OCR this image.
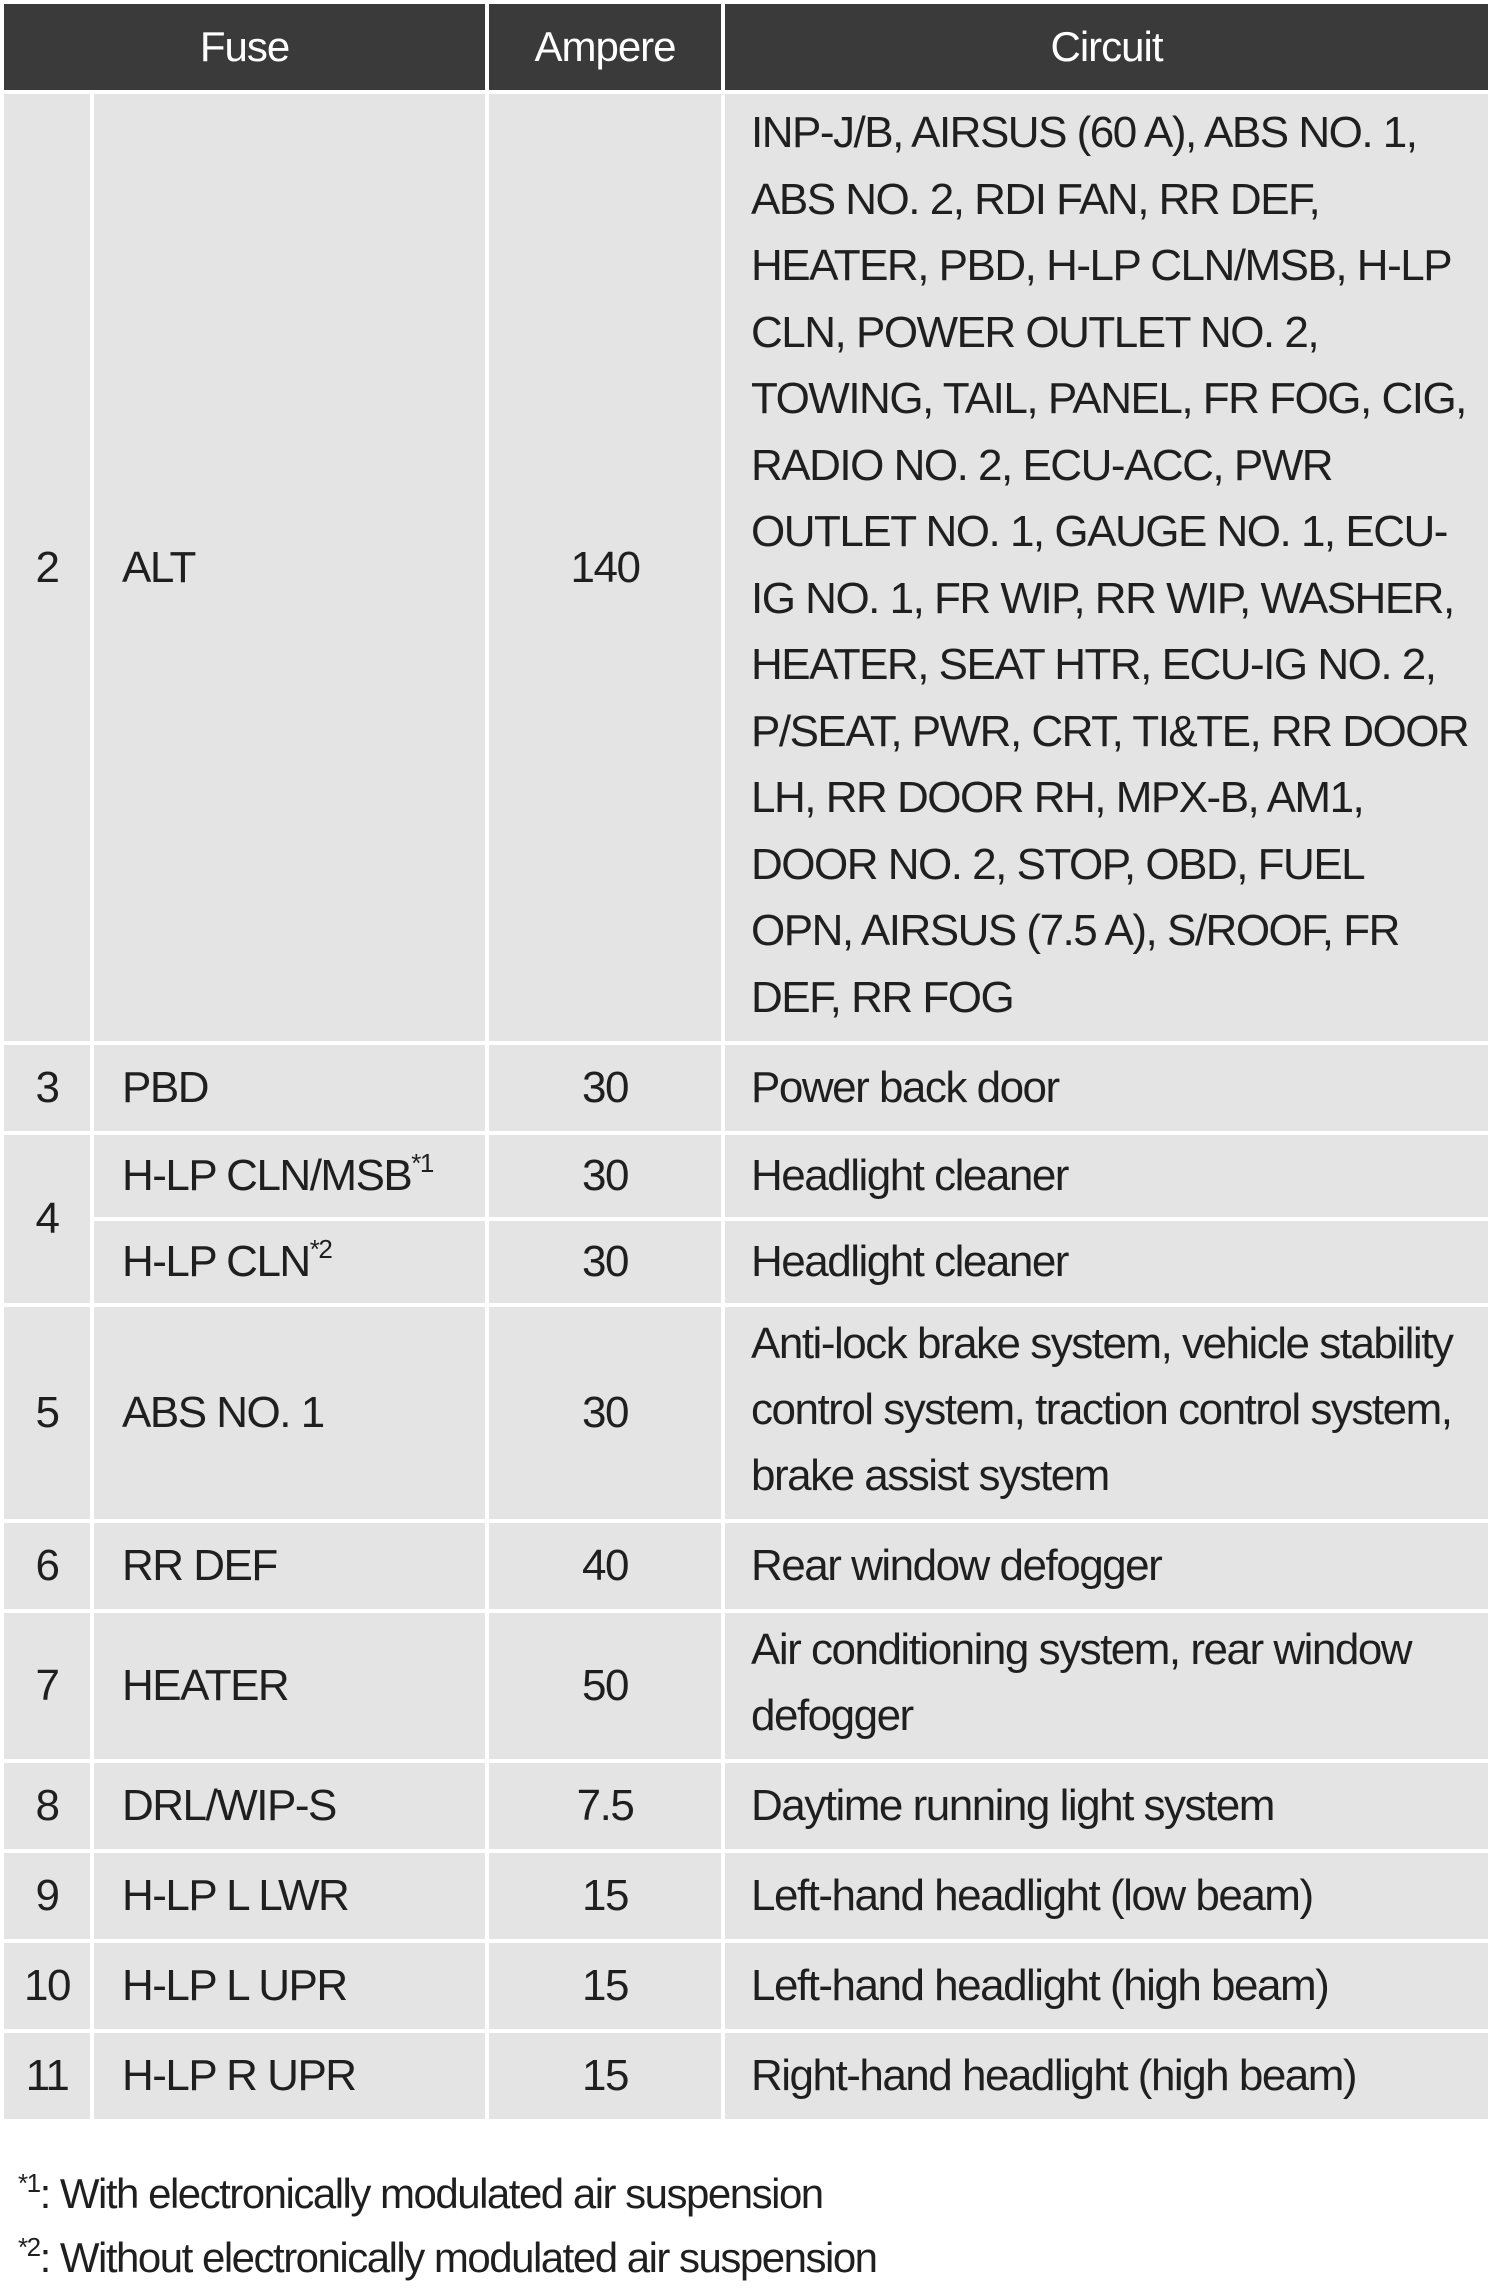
Fuse		Ampere	Circuit
2	ALT	140	INP-J/B, AIRSUS (60 A), ABS NO. 1, ABS NO. 2, RDI FAN, RR DEF, HEATER, PBD, H-LP CLN/MSB, H-LP CLN, POWER OUTLET NO. 2, TOWING, TAIL, PANEL, FR FOG, CIG, RADIO NO. 2, ECU-ACC, PWR OUTLET NO. 1, GAUGE NO. 1, ECU-IG NO. 1, FR WIP, RR WIP, WASHER, HEATER, SEAT HTR, ECU-IG NO. 2, P/SEAT, PWR, CRT, TI&TE, RR DOOR LH, RR DOOR RH, MPX-B, AM1, DOOR NO. 2, STOP, OBD, FUEL OPN, AIRSUS (7.5 A), S/ROOF, FR DEF, RR FOG
3	PBD	30	Power back door
4	H-LP CLN/MSB$^{*1}$	30	Headlight cleaner
	H-LP CLN$^{*2}$	30	Headlight cleaner
5	ABS NO. 1	30	Anti-lock brake system, vehicle stability control system, traction control system, brake assist system
6	RR DEF	40	Rear window defogger
7	HEATER	50	Air conditioning system, rear window defogger
8	DRL/WIP-S	7.5	Daytime running light system
9	H-LP L LWR	15	Left-hand headlight (low beam)
10	H-LP L UPR	15	Left-hand headlight (high beam)
11	H-LP R UPR	15	Right-hand headlight (high beam)
$^{*1}$: With electronically modulated air suspension
$^{*2}$: Without electronically modulated air suspension
